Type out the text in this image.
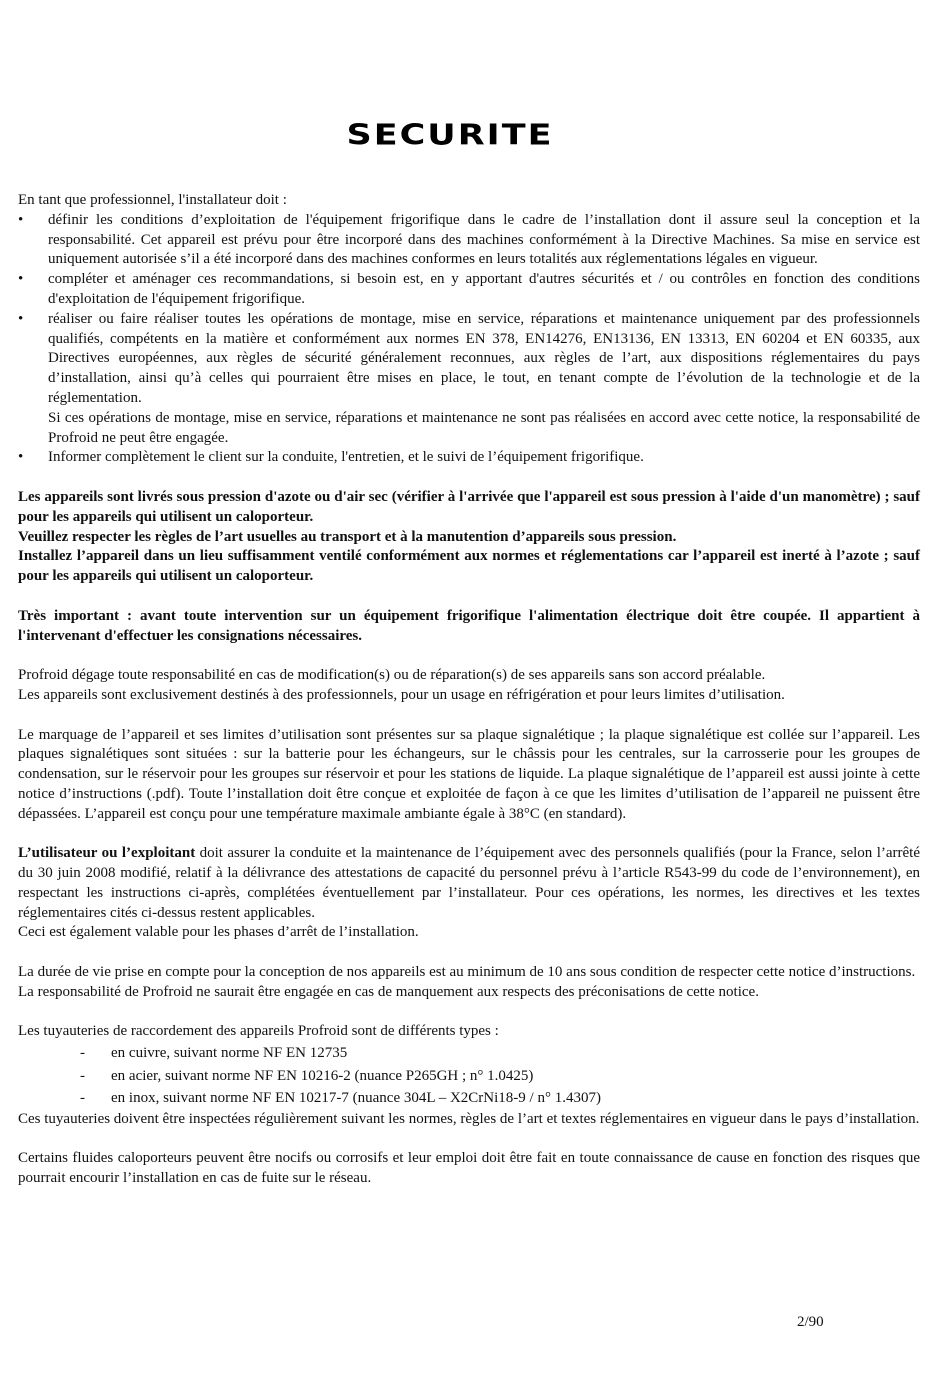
SECURITE

En tant que professionnel, l'installateur doit :

•	définir les conditions d’exploitation de l'équipement frigorifique dans le cadre de l’installation dont il assure seul la conception et la responsabilité. Cet appareil est prévu pour être incorporé dans des machines conformément à la Directive Machines. Sa mise en service est uniquement autorisée s’il a été incorporé dans des machines conformes en leurs totalités aux réglementations légales en vigueur.
•	compléter et aménager ces recommandations, si besoin est, en y apportant d'autres sécurités et / ou contrôles en fonction des conditions d'exploitation de l'équipement frigorifique.
•	réaliser ou faire réaliser toutes les opérations de montage, mise en service, réparations et maintenance uniquement par des professionnels qualifiés, compétents en la matière et conformément aux normes EN 378, EN14276, EN13136, EN 13313, EN 60204 et EN 60335, aux Directives européennes, aux règles de sécurité généralement reconnues, aux règles de l’art, aux dispositions réglementaires du pays d’installation, ainsi qu’à celles qui pourraient être mises en place, le tout, en tenant compte de l’évolution de la technologie et de la réglementation.

Si ces opérations de montage, mise en service, réparations et maintenance ne sont pas réalisées en accord avec cette notice, la responsabilité de Profroid ne peut être engagée.

•	Informer complètement le client sur la conduite, l'entretien, et le suivi de l’équipement frigorifique.

Les appareils sont livrés sous pression d'azote ou d'air sec (vérifier à l'arrivée que l'appareil est sous pression à l'aide d'un manomètre) ; sauf pour les appareils qui utilisent un caloporteur.

Veuillez respecter les règles de l’art usuelles au transport et à la manutention d’appareils sous pression.

Installez l’appareil dans un lieu suffisamment ventilé conformément aux normes et réglementations car l’appareil est inerté à l’azote ; sauf pour les appareils qui utilisent un caloporteur.

Très important : avant toute intervention sur un équipement frigorifique l'alimentation électrique doit être coupée. Il appartient à l'intervenant d'effectuer les consignations nécessaires.

Profroid dégage toute responsabilité en cas de modification(s) ou de réparation(s) de ses appareils sans son accord préalable.

Les appareils sont exclusivement destinés à des professionnels, pour un usage en réfrigération et pour leurs limites d’utilisation.

Le marquage de l’appareil et ses limites d’utilisation sont présentes sur sa plaque signalétique ; la plaque signalétique est collée sur l’appareil. Les plaques signalétiques sont situées : sur la batterie pour les échangeurs, sur le châssis pour les centrales, sur la carrosserie pour les groupes de condensation, sur le réservoir pour les groupes sur réservoir et pour les stations de liquide. La plaque signalétique de l’appareil est aussi jointe à cette notice d’instructions (.pdf). Toute l’installation doit être conçue et exploitée de façon à ce que les limites d’utilisation de l’appareil ne puissent être dépassées. L’appareil est conçu pour une température maximale ambiante égale à 38°C (en standard).

L’utilisateur ou l’exploitant doit assurer la conduite et la maintenance de l’équipement avec des personnels qualifiés (pour la France, selon l’arrêté du 30 juin 2008 modifié, relatif à la délivrance des attestations de capacité du personnel prévu à l’article R543-99 du code de l’environnement), en respectant les instructions ci-après, complétées éventuellement par l’installateur. Pour ces opérations, les normes, les directives et les textes réglementaires cités ci-dessus restent applicables.

Ceci est également valable pour les phases d’arrêt de l’installation.

La durée de vie prise en compte pour la conception de nos appareils est au minimum de 10 ans sous condition de respecter cette notice d’instructions.

La responsabilité de Profroid ne saurait être engagée en cas de manquement aux respects des préconisations de cette notice.

Les tuyauteries de raccordement des appareils Profroid sont de différents types :

-	en cuivre, suivant norme NF EN 12735
-	en acier, suivant norme NF EN 10216-2 (nuance P265GH ; n° 1.0425)
-	en inox, suivant norme NF EN 10217-7 (nuance 304L – X2CrNi18-9 / n° 1.4307)

Ces tuyauteries doivent être inspectées régulièrement suivant les normes, règles de l’art et textes réglementaires en vigueur dans le pays d’installation.

Certains fluides caloporteurs peuvent être nocifs ou corrosifs et leur emploi doit être fait en toute connaissance de cause en fonction des risques que pourrait encourir l’installation en cas de fuite sur le réseau.

2/90
